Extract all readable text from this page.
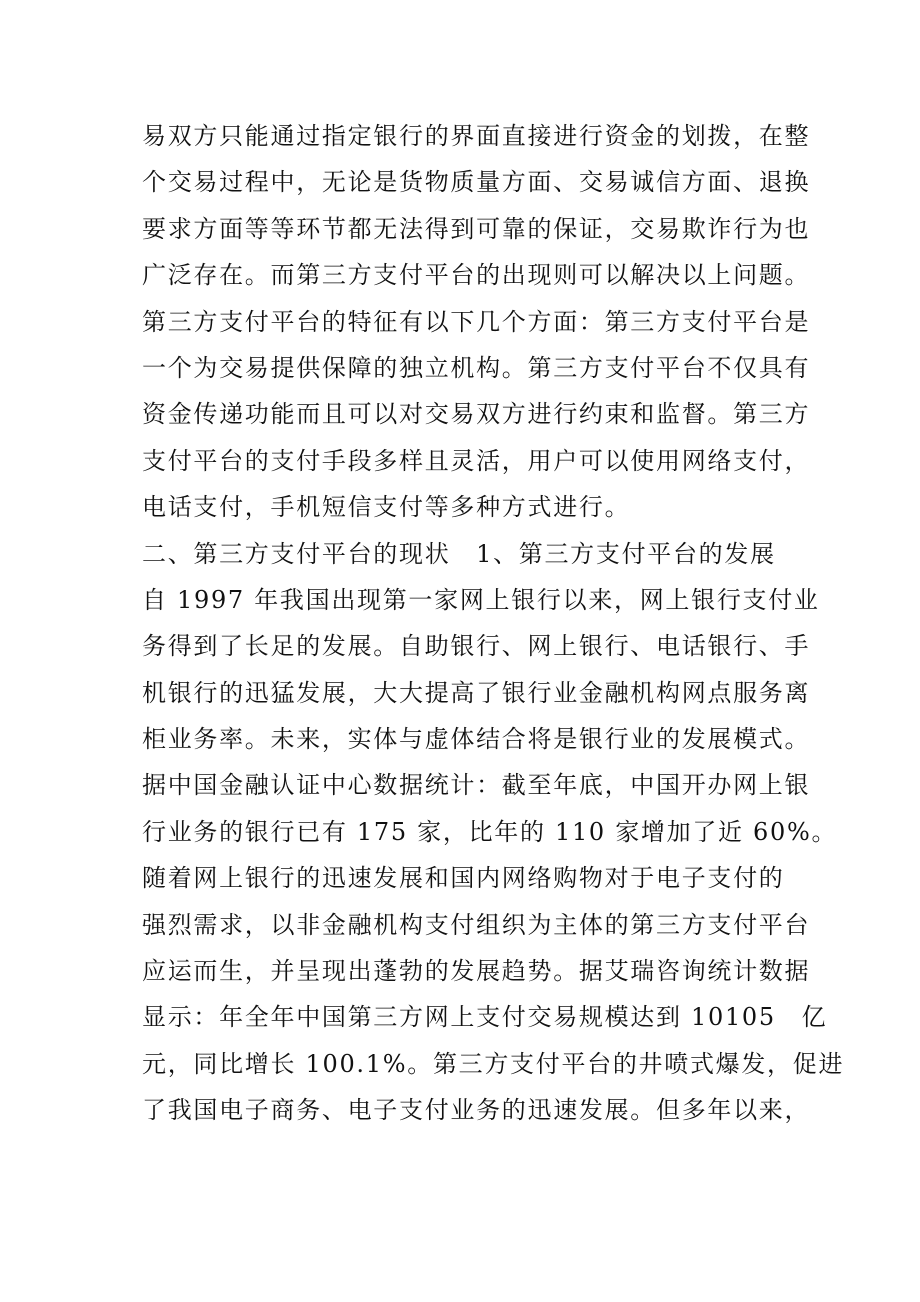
易双方只能通过指定银行的界面直接进行资金的划拨，在整
个交易过程中，无论是货物质量方面、交易诚信方面、退换
要求方面等等环节都无法得到可靠的保证，交易欺诈行为也
广泛存在。而第三方支付平台的出现则可以解决以上问题。
第三方支付平台的特征有以下几个方面：第三方支付平台是
一个为交易提供保障的独立机构。第三方支付平台不仅具有
资金传递功能而且可以对交易双方进行约束和监督。第三方
支付平台的支付手段多样且灵活，用户可以使用网络支付，
电话支付，手机短信支付等多种方式进行。
二、第三方支付平台的现状　1、第三方支付平台的发展
自 1997 年我国出现第一家网上银行以来，网上银行支付业
务得到了长足的发展。自助银行、网上银行、电话银行、手
机银行的迅猛发展，大大提高了银行业金融机构网点服务离
柜业务率。未来，实体与虚体结合将是银行业的发展模式。
据中国金融认证中心数据统计：截至年底，中国开办网上银
行业务的银行已有 175 家，比年的 110 家增加了近 60%。
随着网上银行的迅速发展和国内网络购物对于电子支付的
强烈需求，以非金融机构支付组织为主体的第三方支付平台
应运而生，并呈现出蓬勃的发展趋势。据艾瑞咨询统计数据
显示：年全年中国第三方网上支付交易规模达到 10105　亿
元，同比增长 100.1%。第三方支付平台的井喷式爆发，促进
了我国电子商务、电子支付业务的迅速发展。但多年以来，
